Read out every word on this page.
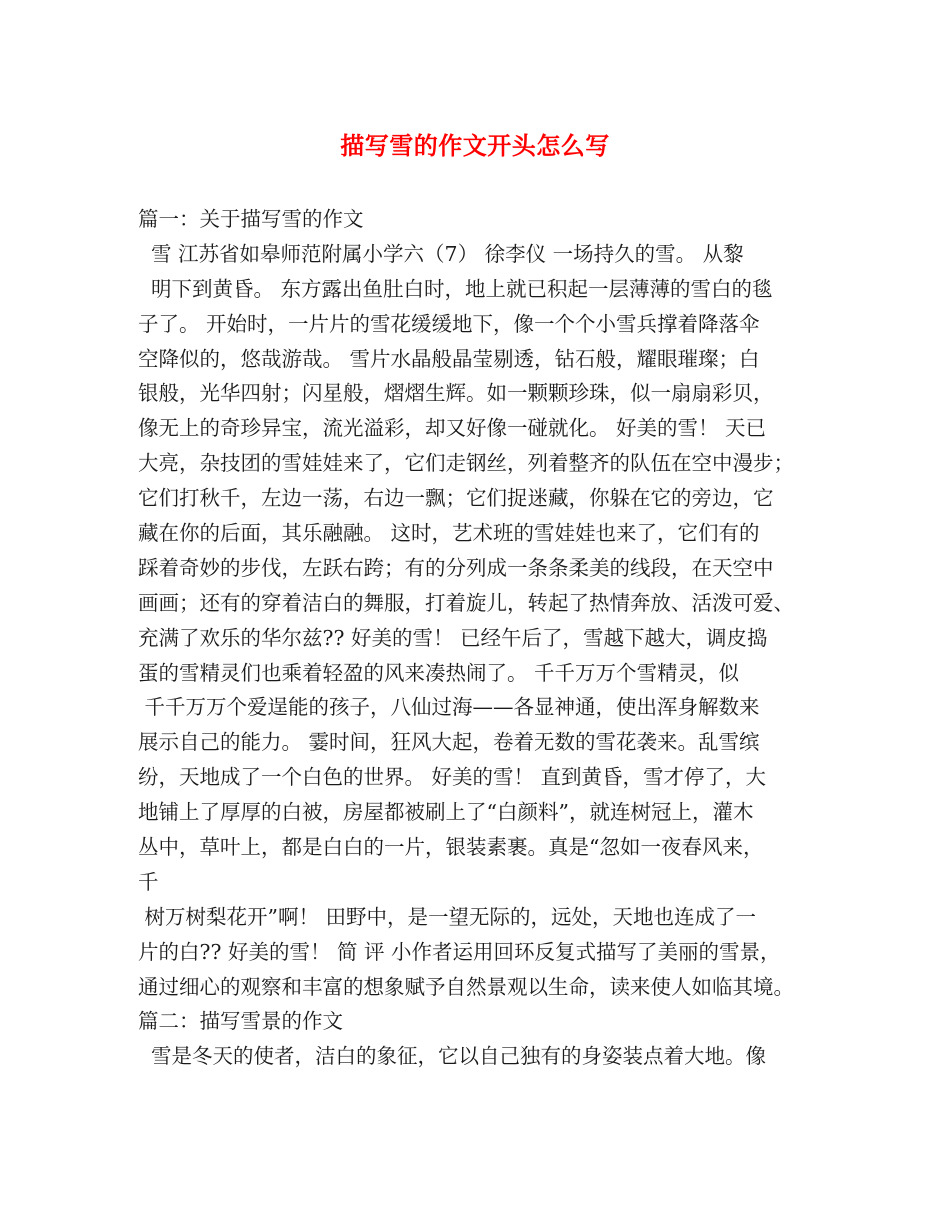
描写雪的作文开头怎么写
篇一：关于描写雪的作文
雪 江苏省如皋师范附属小学六（7） 徐李仪 一场持久的雪。 从黎
明下到黄昏。 东方露出鱼肚白时，地上就已积起一层薄薄的雪白的毯
子了。 开始时，一片片的雪花缓缓地下，像一个个小雪兵撑着降落伞
空降似的，悠哉游哉。 雪片水晶般晶莹剔透，钻石般，耀眼璀璨；白
银般，光华四射；闪星般，熠熠生辉。如一颗颗珍珠，似一扇扇彩贝，
像无上的奇珍异宝，流光溢彩，却又好像一碰就化。 好美的雪！ 天已
大亮，杂技团的雪娃娃来了，它们走钢丝，列着整齐的队伍在空中漫步；
它们打秋千，左边一荡，右边一飘；它们捉迷藏，你躲在它的旁边，它
藏在你的后面，其乐融融。 这时，艺术班的雪娃娃也来了，它们有的
踩着奇妙的步伐，左跃右跨；有的分列成一条条柔美的线段，在天空中
画画；还有的穿着洁白的舞服，打着旋儿，转起了热情奔放、活泼可爱、
充满了欢乐的华尔兹?? 好美的雪！ 已经午后了，雪越下越大，调皮捣
蛋的雪精灵们也乘着轻盈的风来凑热闹了。 千千万万个雪精灵，似
千千万万个爱逞能的孩子，八仙过海——各显神通，使出浑身解数来
展示自己的能力。 霎时间，狂风大起，卷着无数的雪花袭来。乱雪缤
纷，天地成了一个白色的世界。 好美的雪！ 直到黄昏，雪才停了，大
地铺上了厚厚的白被，房屋都被刷上了“白颜料”，就连树冠上，灌木
丛中，草叶上，都是白白的一片，银装素裹。真是“忽如一夜春风来，
千
树万树梨花开”啊！ 田野中，是一望无际的，远处，天地也连成了一
片的白?? 好美的雪！ 简 评 小作者运用回环反复式描写了美丽的雪景，
通过细心的观察和丰富的想象赋予自然景观以生命，读来使人如临其境。
篇二：描写雪景的作文
雪是冬天的使者，洁白的象征，它以自己独有的身姿装点着大地。像
